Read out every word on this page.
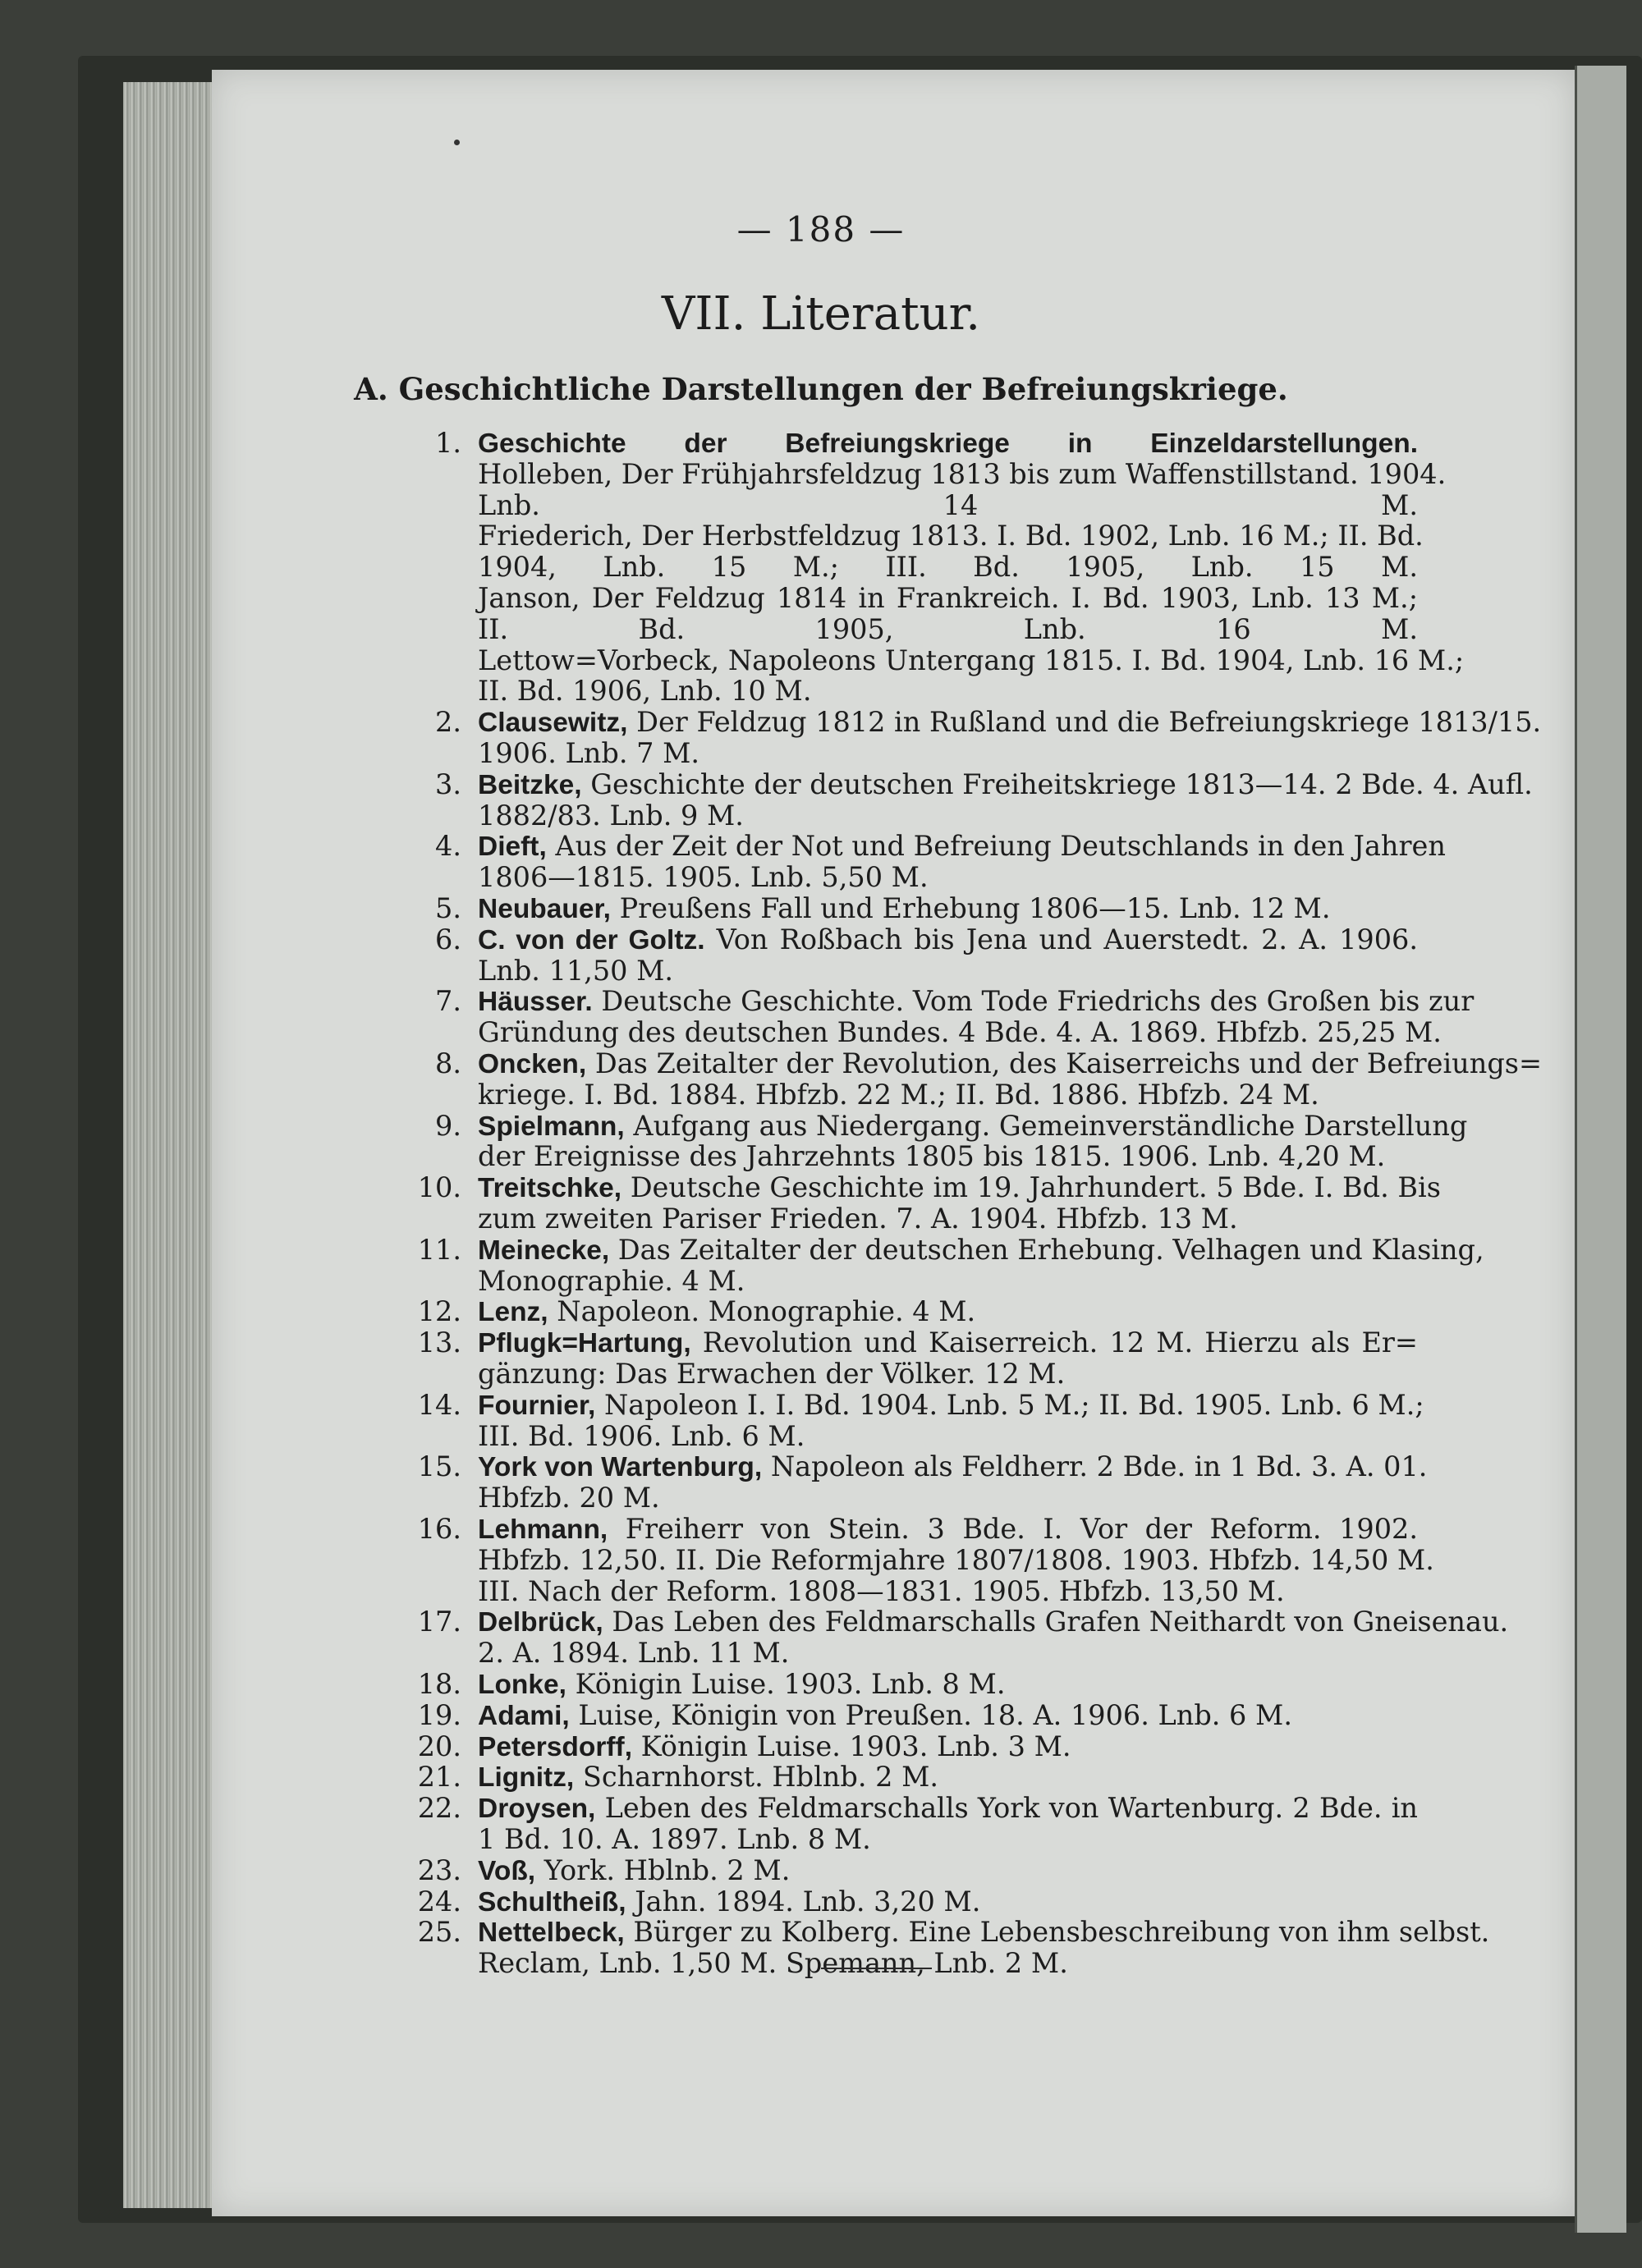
— 188 —
VII. Literatur.
A. Geschichtliche Darstellungen der Befreiungskriege.
1. Geschichte der Befreiungskriege in Einzeldarstellungen.
Holleben, Der Frühjahrsfeldzug 1813 bis zum Waffenstillstand. 1904.
Lnb. 14 M.
Friederich, Der Herbstfeldzug 1813. I. Bd. 1902, Lnb. 16 M.; II. Bd.
1904, Lnb. 15 M.; III. Bd. 1905, Lnb. 15 M.
Janson, Der Feldzug 1814 in Frankreich. I. Bd. 1903, Lnb. 13 M.;
II. Bd. 1905, Lnb. 16 M.
Lettow=Vorbeck, Napoleons Untergang 1815. I. Bd. 1904, Lnb. 16 M.;
II. Bd. 1906, Lnb. 10 M.
2. Clausewitz, Der Feldzug 1812 in Rußland und die Befreiungskriege 1813/15.
1906. Lnb. 7 M.
3. Beitzke, Geschichte der deutschen Freiheitskriege 1813—14. 2 Bde. 4. Aufl.
1882/83. Lnb. 9 M.
4. Dieft, Aus der Zeit der Not und Befreiung Deutschlands in den Jahren
1806—1815. 1905. Lnb. 5,50 M.
5. Neubauer, Preußens Fall und Erhebung 1806—15. Lnb. 12 M.
6. C. von der Goltz. Von Roßbach bis Jena und Auerstedt. 2. A. 1906.
Lnb. 11,50 M.
7. Häusser. Deutsche Geschichte. Vom Tode Friedrichs des Großen bis zur
Gründung des deutschen Bundes. 4 Bde. 4. A. 1869. Hbfzb. 25,25 M.
8. Oncken, Das Zeitalter der Revolution, des Kaiserreichs und der Befreiungs=
kriege. I. Bd. 1884. Hbfzb. 22 M.; II. Bd. 1886. Hbfzb. 24 M.
9. Spielmann, Aufgang aus Niedergang. Gemeinverständliche Darstellung
der Ereignisse des Jahrzehnts 1805 bis 1815. 1906. Lnb. 4,20 M.
10. Treitschke, Deutsche Geschichte im 19. Jahrhundert. 5 Bde. I. Bd. Bis
zum zweiten Pariser Frieden. 7. A. 1904. Hbfzb. 13 M.
11. Meinecke, Das Zeitalter der deutschen Erhebung. Velhagen und Klasing,
Monographie. 4 M.
12. Lenz, Napoleon. Monographie. 4 M.
13. Pflugk=Hartung, Revolution und Kaiserreich. 12 M. Hierzu als Er=
gänzung: Das Erwachen der Völker. 12 M.
14. Fournier, Napoleon I. I. Bd. 1904. Lnb. 5 M.; II. Bd. 1905. Lnb. 6 M.;
III. Bd. 1906. Lnb. 6 M.
15. York von Wartenburg, Napoleon als Feldherr. 2 Bde. in 1 Bd. 3. A. 01.
Hbfzb. 20 M.
16. Lehmann, Freiherr von Stein. 3 Bde. I. Vor der Reform. 1902.
Hbfzb. 12,50. II. Die Reformjahre 1807/1808. 1903. Hbfzb. 14,50 M.
III. Nach der Reform. 1808—1831. 1905. Hbfzb. 13,50 M.
17. Delbrück, Das Leben des Feldmarschalls Grafen Neithardt von Gneisenau.
2. A. 1894. Lnb. 11 M.
18. Lonke, Königin Luise. 1903. Lnb. 8 M.
19. Adami, Luise, Königin von Preußen. 18. A. 1906. Lnb. 6 M.
20. Petersdorff, Königin Luise. 1903. Lnb. 3 M.
21. Lignitz, Scharnhorst. Hblnb. 2 M.
22. Droysen, Leben des Feldmarschalls York von Wartenburg. 2 Bde. in
1 Bd. 10. A. 1897. Lnb. 8 M.
23. Voß, York. Hblnb. 2 M.
24. Schultheiß, Jahn. 1894. Lnb. 3,20 M.
25. Nettelbeck, Bürger zu Kolberg. Eine Lebensbeschreibung von ihm selbst.
Reclam, Lnb. 1,50 M. Spemann, Lnb. 2 M.
